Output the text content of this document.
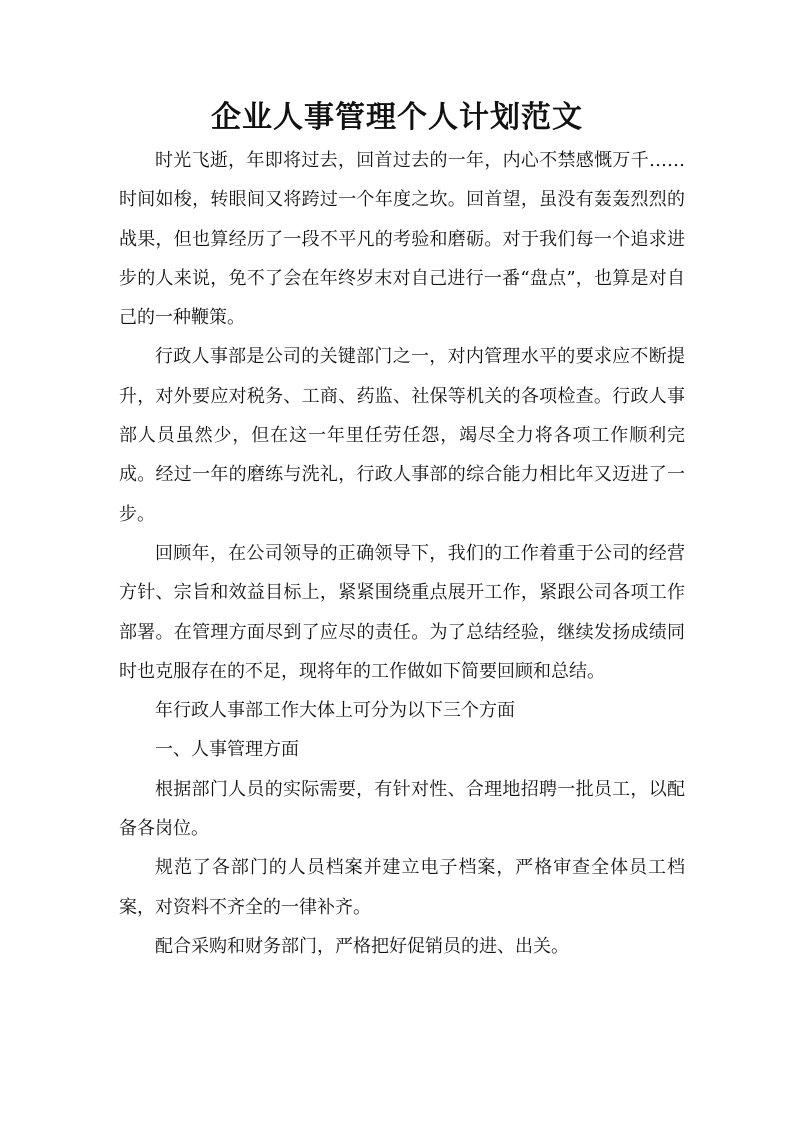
企业人事管理个人计划范文

时光飞逝，年即将过去，回首过去的一年，内心不禁感慨万千……时间如梭，转眼间又将跨过一个年度之坎。回首望，虽没有轰轰烈烈的战果，但也算经历了一段不平凡的考验和磨砺。对于我们每一个追求进步的人来说，免不了会在年终岁末对自己进行一番“盘点”，也算是对自己的一种鞭策。

行政人事部是公司的关键部门之一，对内管理水平的要求应不断提升，对外要应对税务、工商、药监、社保等机关的各项检查。行政人事部人员虽然少，但在这一年里任劳任怨，竭尽全力将各项工作顺利完成。经过一年的磨练与洗礼，行政人事部的综合能力相比年又迈进了一步。

回顾年，在公司领导的正确领导下，我们的工作着重于公司的经营方针、宗旨和效益目标上，紧紧围绕重点展开工作，紧跟公司各项工作部署。在管理方面尽到了应尽的责任。为了总结经验，继续发扬成绩同时也克服存在的不足，现将年的工作做如下简要回顾和总结。

年行政人事部工作大体上可分为以下三个方面

一、人事管理方面

根据部门人员的实际需要，有针对性、合理地招聘一批员工，以配备各岗位。

规范了各部门的人员档案并建立电子档案，严格审查全体员工档案，对资料不齐全的一律补齐。

配合采购和财务部门，严格把好促销员的进、出关。
